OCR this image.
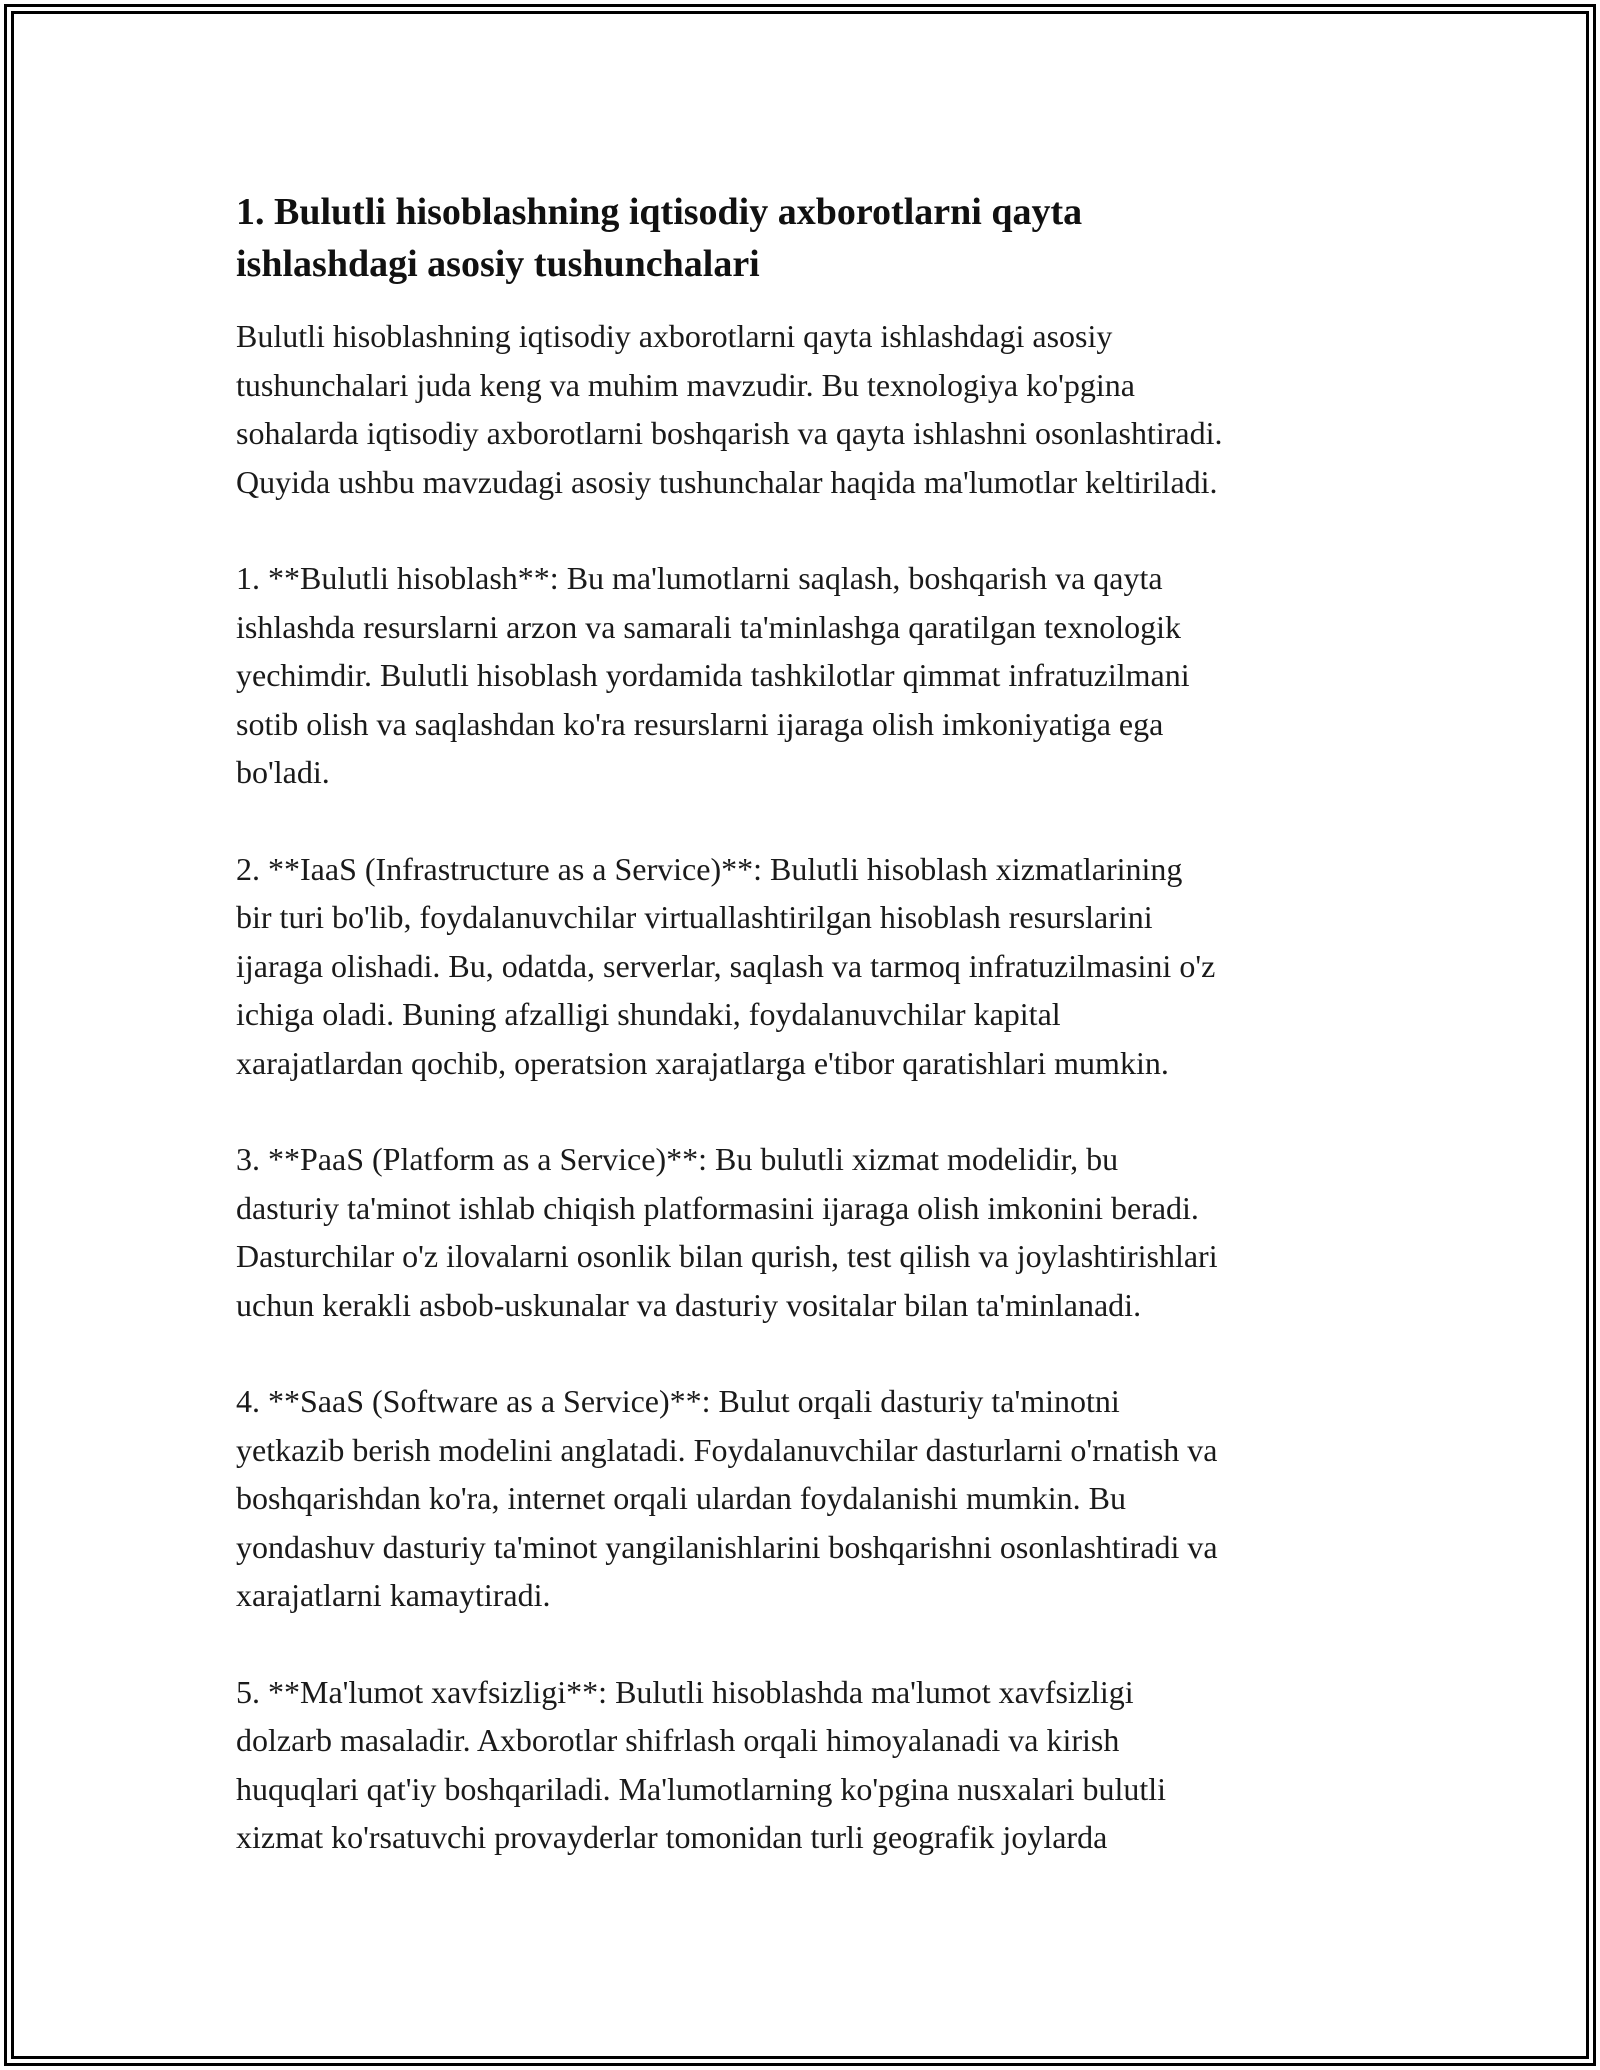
1. Bulutli hisoblashning iqtisodiy axborotlarni qayta
ishlashdagi asosiy tushunchalari

Bulutli hisoblashning iqtisodiy axborotlarni qayta ishlashdagi asosiy
tushunchalari juda keng va muhim mavzudir. Bu texnologiya ko'pgina
sohalarda iqtisodiy axborotlarni boshqarish va qayta ishlashni osonlashtiradi.
Quyida ushbu mavzudagi asosiy tushunchalar haqida ma'lumotlar keltiriladi.

1. **Bulutli hisoblash**: Bu ma'lumotlarni saqlash, boshqarish va qayta
ishlashda resurslarni arzon va samarali ta'minlashga qaratilgan texnologik
yechimdir. Bulutli hisoblash yordamida tashkilotlar qimmat infratuzilmani
sotib olish va saqlashdan ko'ra resurslarni ijaraga olish imkoniyatiga ega
bo'ladi.

2. **IaaS (Infrastructure as a Service)**: Bulutli hisoblash xizmatlarining
bir turi bo'lib, foydalanuvchilar virtuallashtirilgan hisoblash resurslarini
ijaraga olishadi. Bu, odatda, serverlar, saqlash va tarmoq infratuzilmasini o'z
ichiga oladi. Buning afzalligi shundaki, foydalanuvchilar kapital
xarajatlardan qochib, operatsion xarajatlarga e'tibor qaratishlari mumkin.

3. **PaaS (Platform as a Service)**: Bu bulutli xizmat modelidir, bu
dasturiy ta'minot ishlab chiqish platformasini ijaraga olish imkonini beradi.
Dasturchilar o'z ilovalarni osonlik bilan qurish, test qilish va joylashtirishlari
uchun kerakli asbob-uskunalar va dasturiy vositalar bilan ta'minlanadi.

4. **SaaS (Software as a Service)**: Bulut orqali dasturiy ta'minotni
yetkazib berish modelini anglatadi. Foydalanuvchilar dasturlarni o'rnatish va
boshqarishdan ko'ra, internet orqali ulardan foydalanishi mumkin. Bu
yondashuv dasturiy ta'minot yangilanishlarini boshqarishni osonlashtiradi va
xarajatlarni kamaytiradi.

5. **Ma'lumot xavfsizligi**: Bulutli hisoblashda ma'lumot xavfsizligi
dolzarb masaladir. Axborotlar shifrlash orqali himoyalanadi va kirish
huquqlari qat'iy boshqariladi. Ma'lumotlarning ko'pgina nusxalari bulutli
xizmat ko'rsatuvchi provayderlar tomonidan turli geografik joylarda
